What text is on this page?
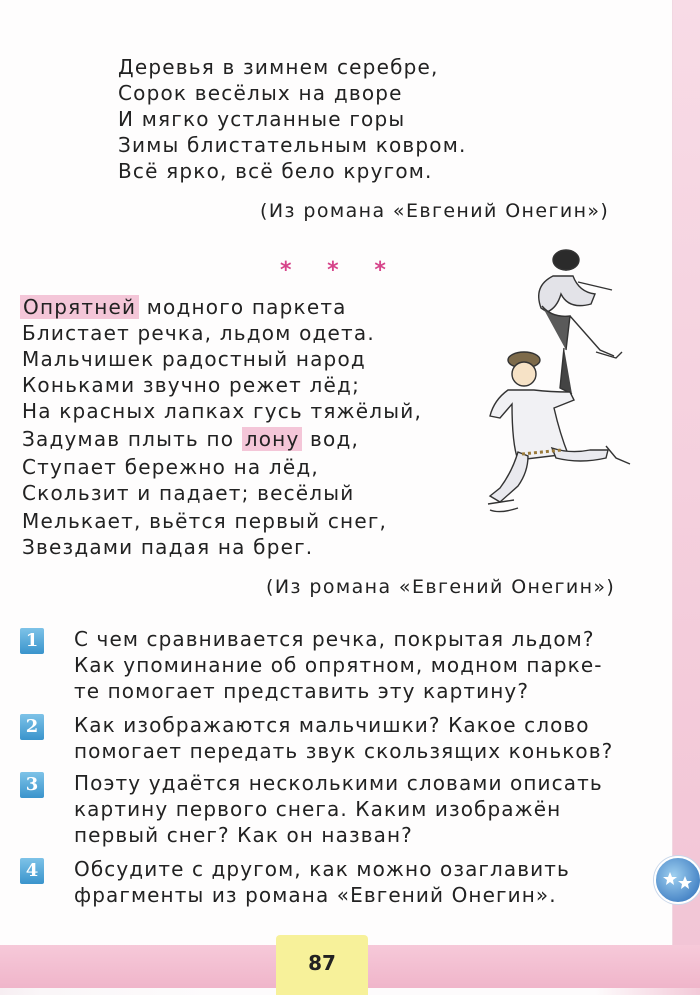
Деревья в зимнем серебре,
Сорок весёлых на дворе
И мягко устланные горы
Зимы блистательным ковром.
Всё ярко, всё бело кругом.
(Из романа «Евгений Онегин»)
* * *
Опрятней модного паркета
Блистает речка, льдом одета.
Мальчишек радостный народ
Коньками звучно режет лёд;
На красных лапках гусь тяжёлый,
Задумав плыть по лону вод,
Ступает бережно на лёд,
Скользит и падает; весёлый
Мелькает, вьётся первый снег,
Звездами падая на брег.
(Из романа «Евгений Онегин»)
1 С чем сравнивается речка, покрытая льдом?
Как упоминание об опрятном, модном парке-
те помогает представить эту картину?
2 Как изображаются мальчишки? Какое слово
помогает передать звук скользящих коньков?
3 Поэту удаётся несколькими словами описать
картину первого снега. Каким изображён
первый снег? Как он назван?
4 Обсудите с другом, как можно озаглавить
фрагменты из романа «Евгений Онегин».
87
